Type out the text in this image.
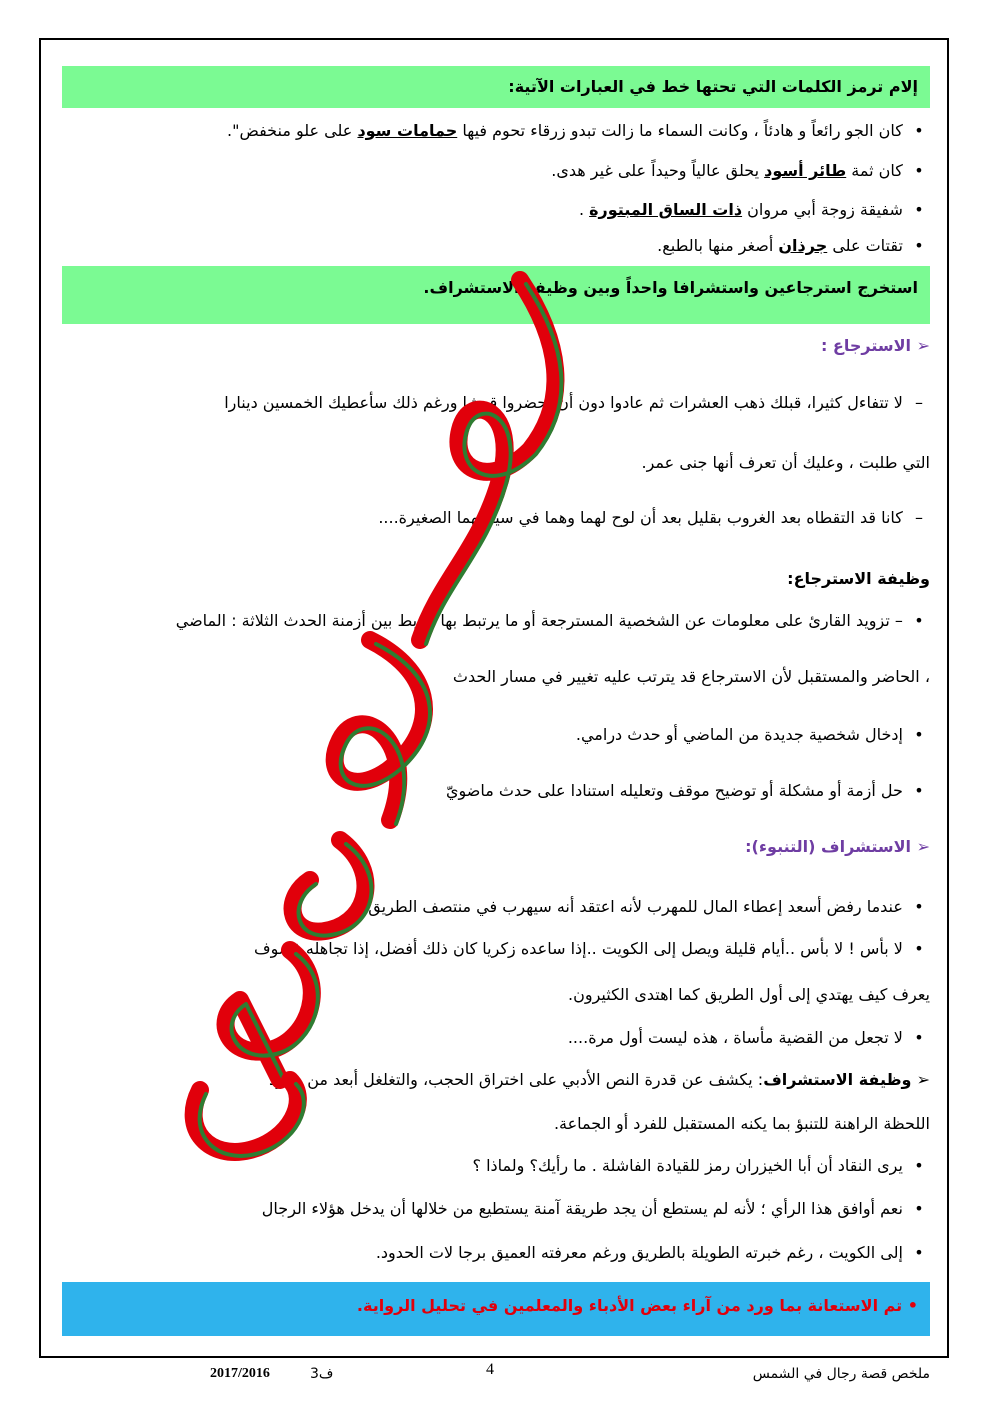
إلام ترمز الكلمات التي تحتها خط في العبارات الآتية:
• كان الجو رائعاً و هادئاً ، وكانت السماء ما زالت تبدو زرقاء تحوم فيها حمامات سود على علو منخفض".
• كان ثمة طائر أسود يحلق عالياً وحيداً على غير هدى.
• شفيقة زوجة أبي مروان ذات الساق المبتورة .
• تقتات على جرذان أصغر منها بالطبع.
استخرج استرجاعين واستشرافا واحداً وبين وظيفة الاستشراف.
➢ الاسترجاع :
– لا تتفاءل كثيرا، قبلك ذهب العشرات ثم عادوا دون أن يحضروا قرشا ورغم ذلك سأعطيك الخمسين دينارا
التي طلبت ، وعليك أن تعرف أنها جنى عمر.
– كانا قد التقطاه بعد الغروب بقليل بعد أن لوح لهما وهما في سيارتهما الصغيرة....
وظيفة الاسترجاع:
• – تزويد القارئ على معلومات عن الشخصية المسترجعة أو ما يرتبط بها الربط بين أزمنة الحدث الثلاثة : الماضي
، الحاضر والمستقبل لأن الاسترجاع قد يترتب عليه تغيير في مسار الحدث
• إدخال شخصية جديدة من الماضي أو حدث درامي.
• حل أزمة أو مشكلة أو توضيح موقف وتعليله استنادا على حدث ماضويّ
➢ الاستشراف (التنبوء):
• عندما رفض أسعد إعطاء المال للمهرب لأنه اعتقد أنه سيهرب في منتصف الطريق.
• لا بأس ! لا بأس ..أيام قليلة ويصل إلى الكويت ..إذا ساعده زكريا كان ذلك أفضل، إذا تجاهله فسوف
يعرف كيف يهتدي إلى أول الطريق كما اهتدى الكثيرون.
• لا تجعل من القضية مأساة ، هذه ليست أول مرة....
➢ وظيفة الاستشراف: يكشف عن قدرة النص الأدبي على اختراق الحجب، والتغلغل أبعد من حدود
اللحظة الراهنة للتنبؤ بما يكنه المستقبل للفرد أو الجماعة.
• يرى النقاد أن أبا الخيزران رمز للقيادة الفاشلة . ما رأيك؟ ولماذا ؟
• نعم أوافق هذا الرأي ؛ لأنه لم يستطع أن يجد طريقة آمنة يستطيع من خلالها أن يدخل هؤلاء الرجال
• إلى الكويت ، رغم خبرته الطويلة بالطريق ورغم معرفته العميق برجا لات الحدود.
• تم الاستعانة بما ورد من آراء بعض الأدباء والمعلمين في تحليل الرواية.
ملخص قصة رجال في الشمس
4
ف3
2017/2016
